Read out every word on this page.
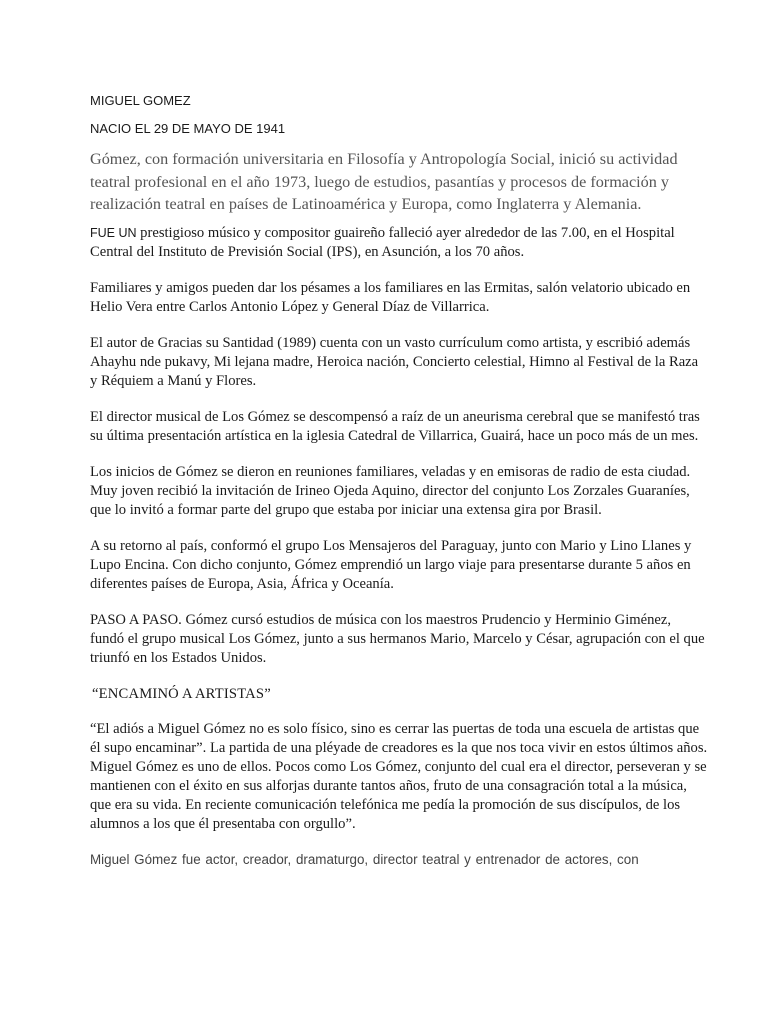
MIGUEL GOMEZ
NACIO EL 29 DE MAYO DE 1941

Gómez, con formación universitaria en Filosofía y Antropología Social, inició su actividad teatral profesional en el año 1973, luego de estudios, pasantías y procesos de formación y realización teatral en países de Latinoamérica y Europa, como Inglaterra y Alemania.

FUE UN prestigioso músico y compositor guaireño falleció ayer alrededor de las 7.00, en el Hospital Central del Instituto de Previsión Social (IPS), en Asunción, a los 70 años.

Familiares y amigos pueden dar los pésames a los familiares en las Ermitas, salón velatorio ubicado en Helio Vera entre Carlos Antonio López y General Díaz de Villarrica.

El autor de Gracias su Santidad (1989) cuenta con un vasto currículum como artista, y escribió además Ahayhu nde pukavy, Mi lejana madre, Heroica nación, Concierto celestial, Himno al Festival de la Raza y Réquiem a Manú y Flores.

El director musical de Los Gómez se descompensó a raíz de un aneurisma cerebral que se manifestó tras su última presentación artística en la iglesia Catedral de Villarrica, Guairá, hace un poco más de un mes.

Los inicios de Gómez se dieron en reuniones familiares, veladas y en emisoras de radio de esta ciudad. Muy joven recibió la invitación de Irineo Ojeda Aquino, director del conjunto Los Zorzales Guaraníes, que lo invitó a formar parte del grupo que estaba por iniciar una extensa gira por Brasil.

A su retorno al país, conformó el grupo Los Mensajeros del Paraguay, junto con Mario y Lino Llanes y Lupo Encina. Con dicho conjunto, Gómez emprendió un largo viaje para presentarse durante 5 años en diferentes países de Europa, Asia, África y Oceanía.

PASO A PASO. Gómez cursó estudios de música con los maestros Prudencio y Herminio Giménez, fundó el grupo musical Los Gómez, junto a sus hermanos Mario, Marcelo y César, agrupación con el que triunfó en los Estados Unidos.

“ENCAMINÓ A ARTISTAS”

“El adiós a Miguel Gómez no es solo físico, sino es cerrar las puertas de toda una escuela de artistas que él supo encaminar”. La partida de una pléyade de creadores es la que nos toca vivir en estos últimos años. Miguel Gómez es uno de ellos. Pocos como Los Gómez, conjunto del cual era el director, perseveran y se mantienen con el éxito en sus alforjas durante tantos años, fruto de una consagración total a la música, que era su vida. En reciente comunicación telefónica me pedía la promoción de sus discípulos, de los alumnos a los que él presentaba con orgullo”.

Miguel Gómez fue actor, creador, dramaturgo, director teatral y entrenador de actores, con
